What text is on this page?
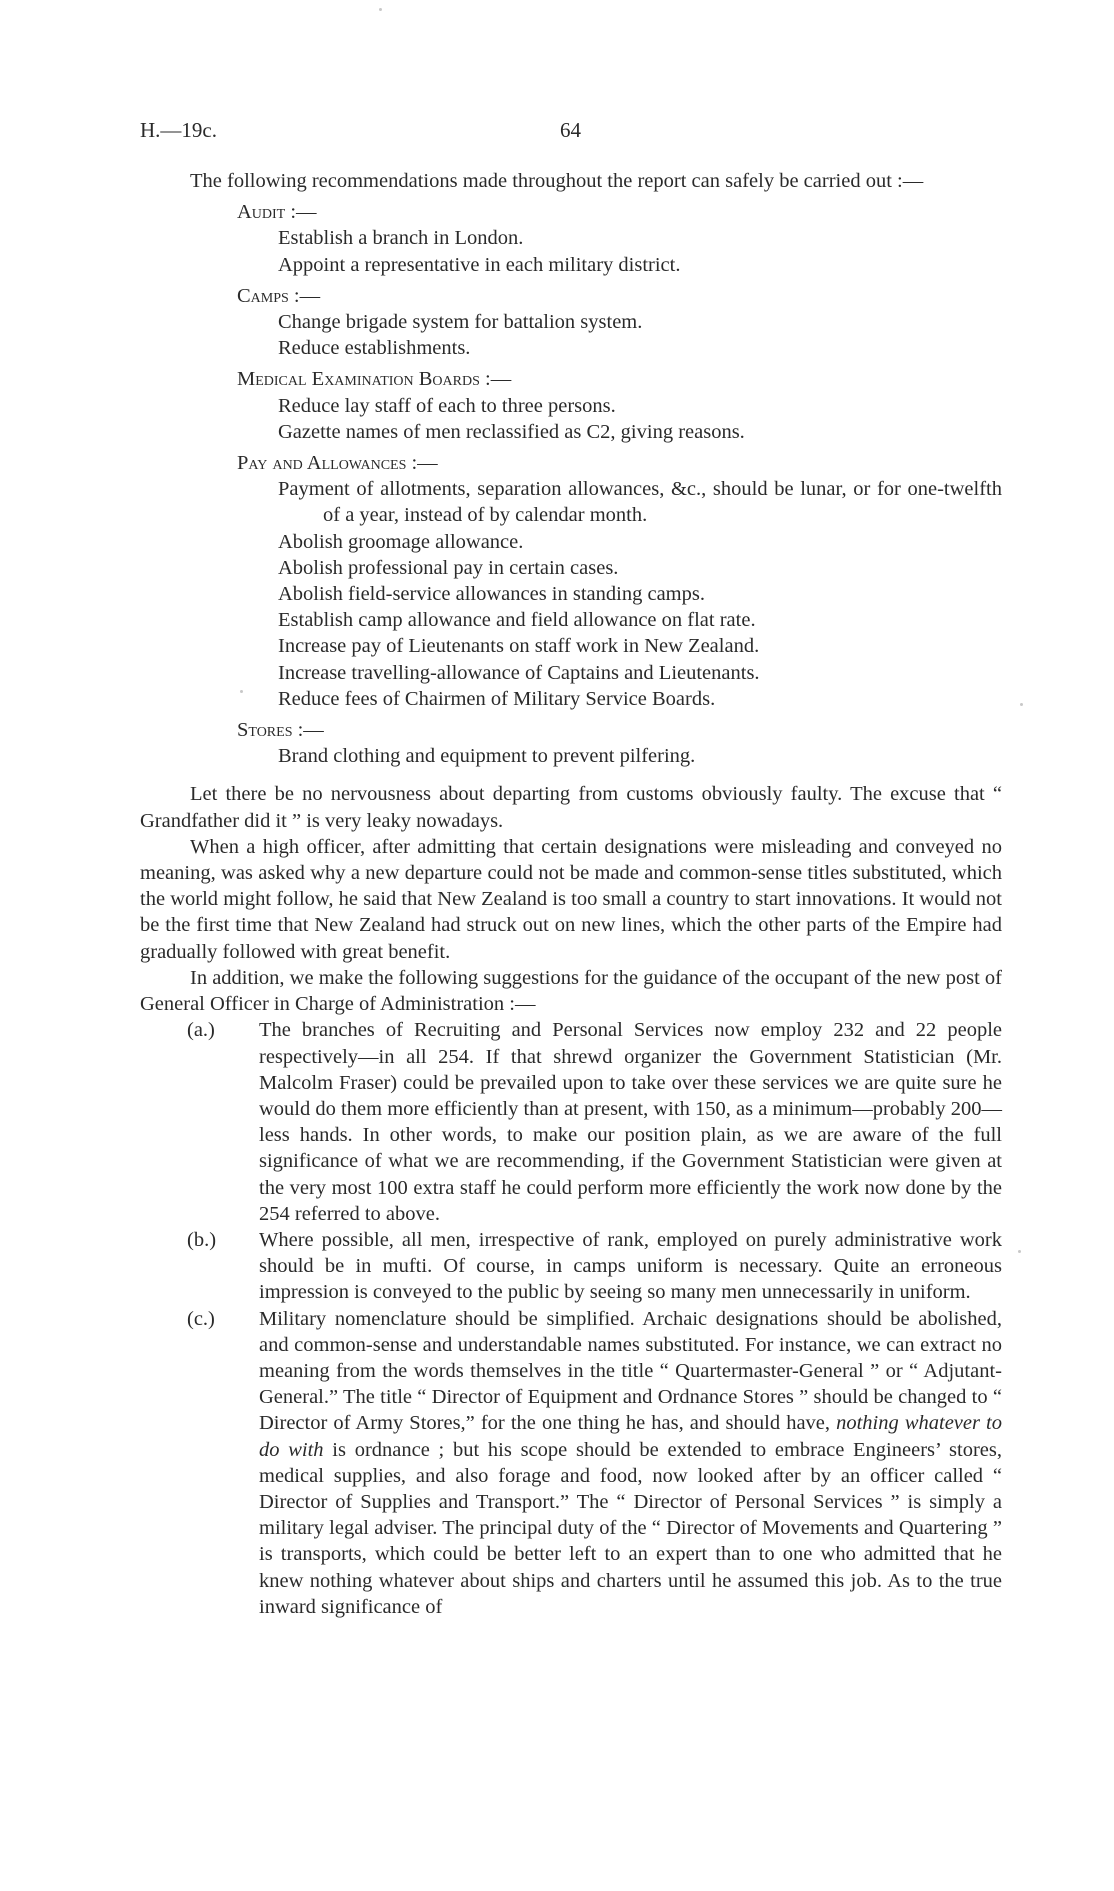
H.—19c.	64

The following recommendations made throughout the report can safely be carried out :—

Audit :—

Establish a branch in London.

Appoint a representative in each military district.

Camps :—

Change brigade system for battalion system.

Reduce establishments.

Medical Examination Boards :—

Reduce lay staff of each to three persons.

Gazette names of men reclassified as C2, giving reasons.

Pay and Allowances :—

Payment of allotments, separation allowances, &c., should be lunar, or for one-twelfth of a year, instead of by calendar month.

Abolish groomage allowance.

Abolish professional pay in certain cases.

Abolish field-service allowances in standing camps.

Establish camp allowance and field allowance on flat rate.

Increase pay of Lieutenants on staff work in New Zealand.

Increase travelling-allowance of Captains and Lieutenants.

Reduce fees of Chairmen of Military Service Boards.

Stores :—

Brand clothing and equipment to prevent pilfering.

Let there be no nervousness about departing from customs obviously faulty. The excuse that “ Grandfather did it ” is very leaky nowadays.

When a high officer, after admitting that certain designations were misleading and conveyed no meaning, was asked why a new departure could not be made and common-sense titles substituted, which the world might follow, he said that New Zealand is too small a country to start innovations. It would not be the first time that New Zealand had struck out on new lines, which the other parts of the Empire had gradually followed with great benefit.

In addition, we make the following suggestions for the guidance of the occupant of the new post of General Officer in Charge of Administration :—

(a.) The branches of Recruiting and Personal Services now employ 232 and 22 people respectively—in all 254. If that shrewd organizer the Government Statistician (Mr. Malcolm Fraser) could be prevailed upon to take over these services we are quite sure he would do them more efficiently than at present, with 150, as a minimum—probably 200—less hands. In other words, to make our position plain, as we are aware of the full significance of what we are recommending, if the Government Statistician were given at the very most 100 extra staff he could perform more efficiently the work now done by the 254 referred to above.
(b.) Where possible, all men, irrespective of rank, employed on purely administrative work should be in mufti. Of course, in camps uniform is necessary. Quite an erroneous impression is conveyed to the public by seeing so many men unnecessarily in uniform.
(c.) Military nomenclature should be simplified. Archaic designations should be abolished, and common-sense and understandable names substituted. For instance, we can extract no meaning from the words themselves in the title “ Quartermaster-General ” or “ Adjutant-General.” The title “ Director of Equipment and Ordnance Stores ” should be changed to “ Director of Army Stores,” for the one thing he has, and should have, nothing whatever to do with is ordnance ; but his scope should be extended to embrace Engineers’ stores, medical supplies, and also forage and food, now looked after by an officer called “ Director of Supplies and Transport.” The “ Director of Personal Services ” is simply a military legal adviser. The principal duty of the “ Director of Movements and Quartering ” is transports, which could be better left to an expert than to one who admitted that he knew nothing whatever about ships and charters until he assumed this job. As to the true inward significance of
